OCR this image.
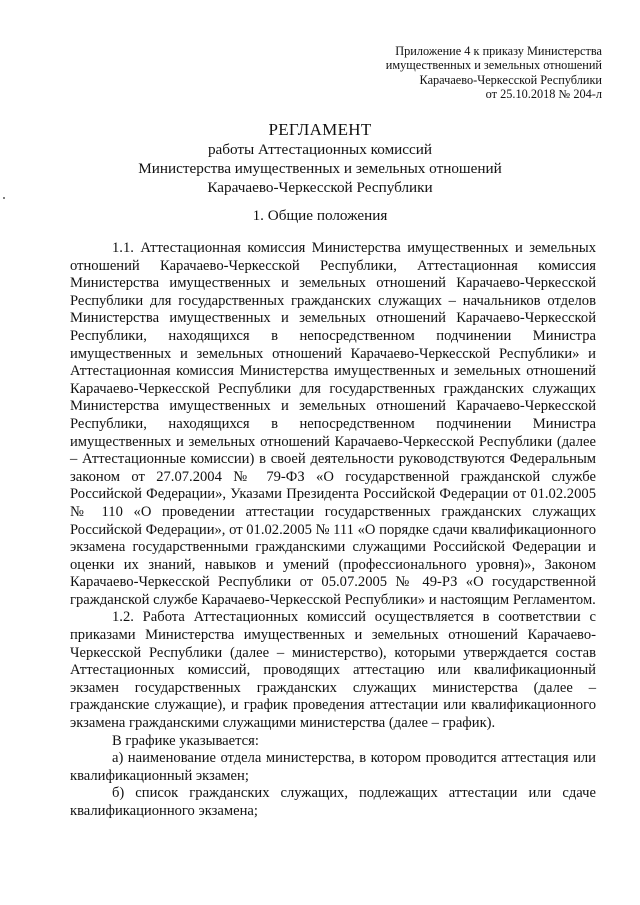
Приложение 4 к приказу Министерства
имущественных и земельных отношений
Карачаево-Черкесской Республики
от 25.10.2018 № 204-л
РЕГЛАМЕНТ
работы Аттестационных комиссий
Министерства имущественных и земельных отношений
Карачаево-Черкесской Республики
1. Общие положения

1.1. Аттестационная комиссия Министерства имущественных и земельных отношений Карачаево-Черкесской Республики, Аттестационная комиссия Министерства имущественных и земельных отношений Карачаево-Черкесской Республики для государственных гражданских служащих – начальников отделов Министерства имущественных и земельных отношений Карачаево-Черкесской Республики, находящихся в непосредственном подчинении Министра имущественных и земельных отношений Карачаево-Черкесской Республики» и Аттестационная комиссия Министерства имущественных и земельных отношений Карачаево-Черкесской Республики для государственных гражданских служащих Министерства имущественных и земельных отношений Карачаево-Черкесской Республики, находящихся в непосредственном подчинении Министра имущественных и земельных отношений Карачаево-Черкесской Республики (далее – Аттестационные комиссии) в своей деятельности руководствуются Федеральным законом от 27.07.2004 № 79-ФЗ «О государственной гражданской службе Российской Федерации», Указами Президента Российской Федерации от 01.02.2005 № 110 «О проведении аттестации государственных гражданских служащих Российской Федерации», от 01.02.2005 № 111 «О порядке сдачи квалификационного экзамена государственными гражданскими служащими Российской Федерации и оценки их знаний, навыков и умений (профессионального уровня)», Законом Карачаево-Черкесской Республики от 05.07.2005 № 49-РЗ «О государственной гражданской службе Карачаево-Черкесской Республики» и настоящим Регламентом.

1.2. Работа Аттестационных комиссий осуществляется в соответствии с приказами Министерства имущественных и земельных отношений Карачаево-Черкесской Республики (далее – министерство), которыми утверждается состав Аттестационных комиссий, проводящих аттестацию или квалификационный экзамен государственных гражданских служащих министерства (далее – гражданские служащие), и график проведения аттестации или квалификационного экзамена гражданскими служащими министерства (далее – график).

В графике указывается:

а) наименование отдела министерства, в котором проводится аттестация или квалификационный экзамен;

б) список гражданских служащих, подлежащих аттестации или сдаче квалификационного экзамена;
